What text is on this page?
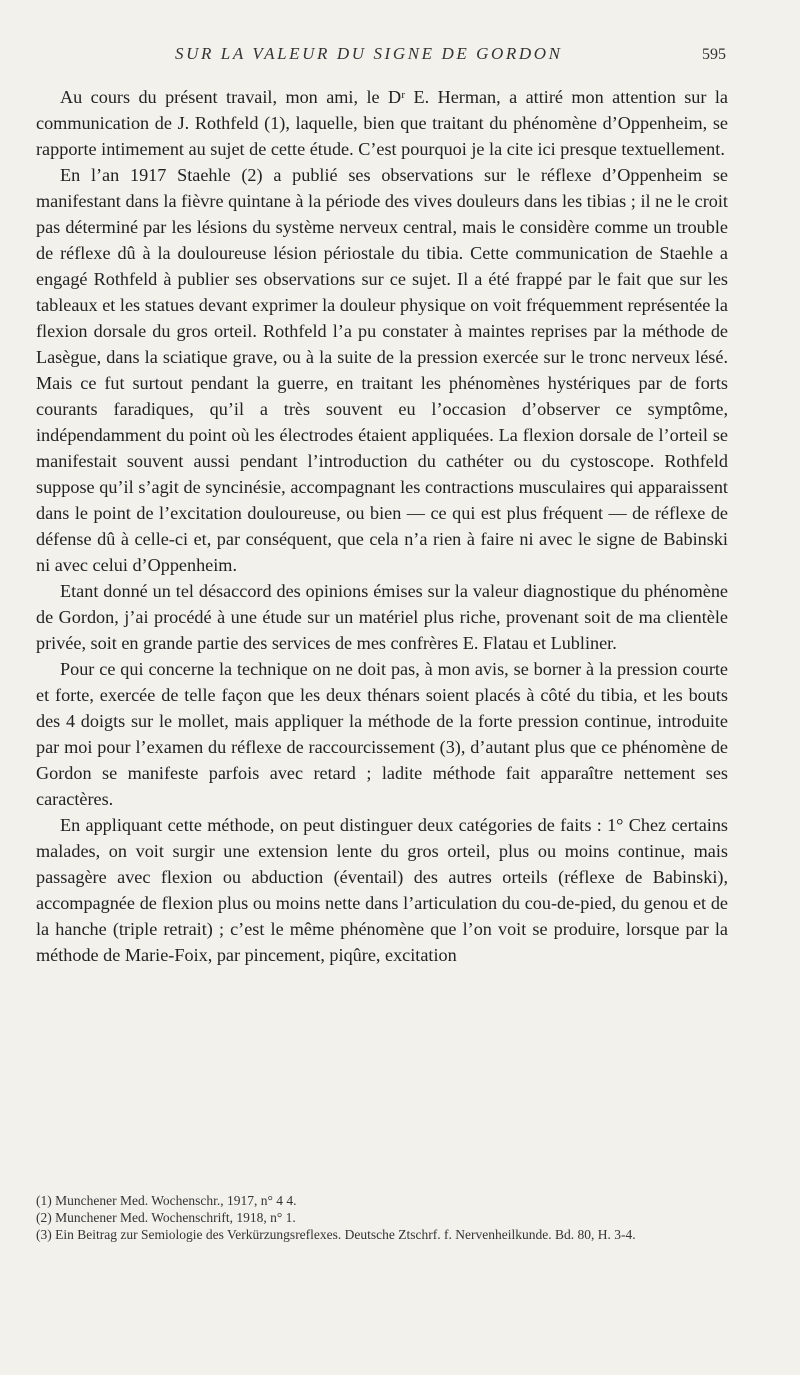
SUR LA VALEUR DU SIGNE DE GORDON	595

Au cours du présent travail, mon ami, le Dʳ E. Herman, a attiré mon attention sur la communication de J. Rothfeld (1), laquelle, bien que traitant du phénomène d’Oppenheim, se rapporte intimement au sujet de cette étude. C’est pourquoi je la cite ici presque textuellement.

En l’an 1917 Staehle (2) a publié ses observations sur le réflexe d’Oppenheim se manifestant dans la fièvre quintane à la période des vives douleurs dans les tibias ; il ne le croit pas déterminé par les lésions du système nerveux central, mais le considère comme un trouble de réflexe dû à la douloureuse lésion périostale du tibia. Cette communication de Staehle a engagé Rothfeld à publier ses observations sur ce sujet. Il a été frappé par le fait que sur les tableaux et les statues devant exprimer la douleur physique on voit fréquemment représentée la flexion dorsale du gros orteil. Rothfeld l’a pu constater à maintes reprises par la méthode de Lasègue, dans la sciatique grave, ou à la suite de la pression exercée sur le tronc nerveux lésé. Mais ce fut surtout pendant la guerre, en traitant les phénomènes hystériques par de forts courants faradiques, qu’il a très souvent eu l’occasion d’observer ce symptôme, indépendamment du point où les électrodes étaient appliquées. La flexion dorsale de l’orteil se manifestait souvent aussi pendant l’introduction du cathéter ou du cystoscope. Rothfeld suppose qu’il s’agit de syncinésie, accompagnant les contractions musculaires qui apparaissent dans le point de l’excitation douloureuse, ou bien — ce qui est plus fréquent — de réflexe de défense dû à celle-ci et, par conséquent, que cela n’a rien à faire ni avec le signe de Babinski ni avec celui d’Oppenheim.

Etant donné un tel désaccord des opinions émises sur la valeur diagnostique du phénomène de Gordon, j’ai procédé à une étude sur un matériel plus riche, provenant soit de ma clientèle privée, soit en grande partie des services de mes confrères E. Flatau et Lubliner.

Pour ce qui concerne la technique on ne doit pas, à mon avis, se borner à la pression courte et forte, exercée de telle façon que les deux thénars soient placés à côté du tibia, et les bouts des 4 doigts sur le mollet, mais appliquer la méthode de la forte pression continue, introduite par moi pour l’examen du réflexe de raccourcissement (3), d’autant plus que ce phénomène de Gordon se manifeste parfois avec retard ; ladite méthode fait apparaître nettement ses caractères.

En appliquant cette méthode, on peut distinguer deux catégories de faits : 1° Chez certains malades, on voit surgir une extension lente du gros orteil, plus ou moins continue, mais passagère avec flexion ou abduction (éventail) des autres orteils (réflexe de Babinski), accompagnée de flexion plus ou moins nette dans l’articulation du cou-de-pied, du genou et de la hanche (triple retrait) ; c’est le même phénomène que l’on voit se produire, lorsque par la méthode de Marie-Foix, par pincement, piqûre, excitation

(1) Munchener Med. Wochenschr., 1917, n° 4 4.

(2) Munchener Med. Wochenschrift, 1918, n° 1.

(3) Ein Beitrag zur Semiologie des Verkürzungsreflexes. Deutsche Ztschrf. f. Nervenheilkunde. Bd. 80, H. 3-4.
